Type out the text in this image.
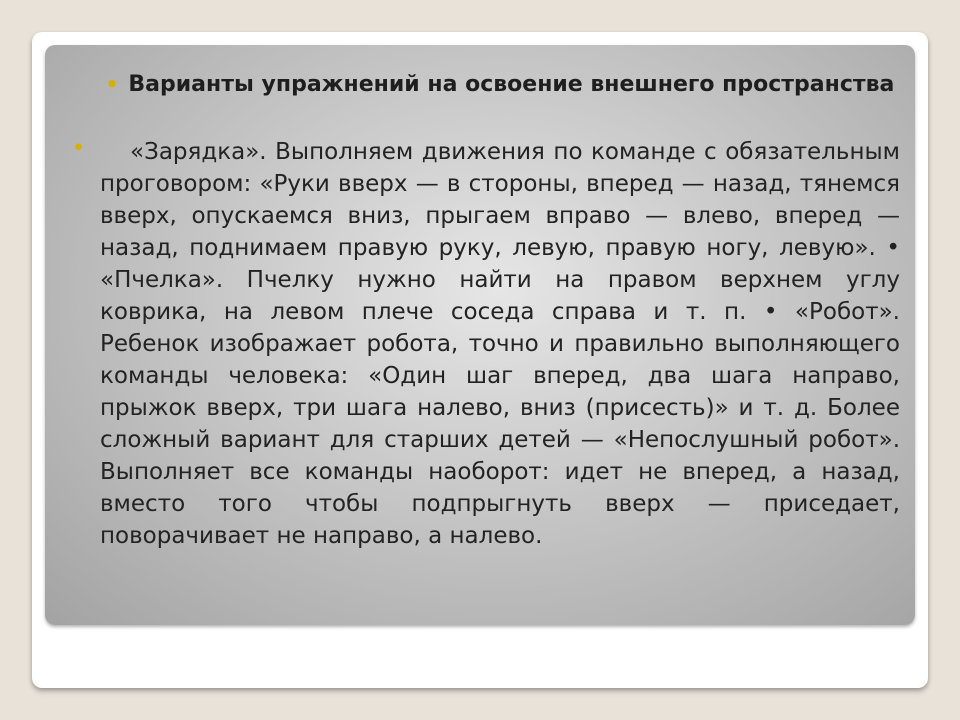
• Варианты упражнений на освоение внешнего пространства
•	«Зарядка». Выполняем движения по команде с обязательным проговором: «Руки вверх — в стороны, вперед — назад, тянемся вверх, опускаемся вниз, прыгаем вправо — влево, вперед — назад, поднимаем правую руку, левую, правую ногу, левую». • «Пчелка». Пчелку нужно найти на правом верхнем углу коврика, на левом плече соседа справа и т. п. • «Робот». Ребенок изображает робота, точно и правильно выполняющего команды человека: «Один шаг вперед, два шага направо, прыжок вверх, три шага налево, вниз (присесть)» и т. д. Более сложный вариант для старших детей — «Непослушный робот». Выполняет все команды наоборот: идет не вперед, а назад, вместо того чтобы подпрыгнуть вверх — приседает, поворачивает не направо, а налево.
